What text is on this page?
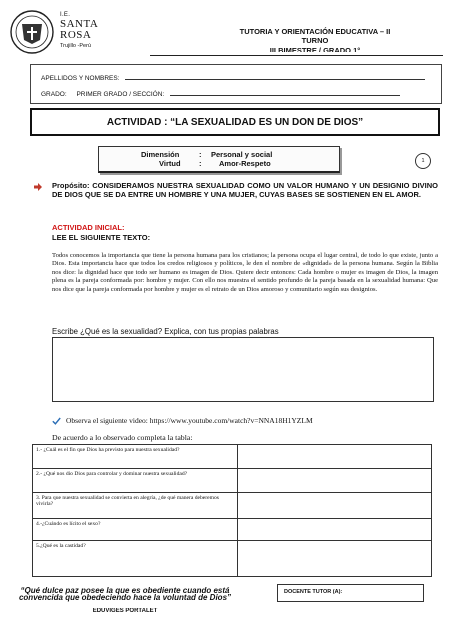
I.E.
SANTA
ROSA
Trujillo -Perú
TUTORIA Y ORIENTACIÓN EDUCATIVA – II
TURNO
III BIMESTRE / GRADO 1°
APELLIDOS Y NOMBRES:
GRADO: PRIMER GRADO / SECCIÓN:
ACTIVIDAD : “LA SEXUALIDAD ES UN DON DE DIOS”
Dimensión	: Personal y social
Virtud : Amor-Respeto	1
Propósito: CONSIDERAMOS NUESTRA SEXUALIDAD COMO UN VALOR HUMANO Y UN DESIGNIO DIVINO DE DIOS QUE SE DA ENTRE UN HOMBRE Y UNA MUJER, CUYAS BASES SE SOSTIENEN EN EL AMOR.
ACTIVIDAD INICIAL:
LEE EL SIGUIENTE TEXTO:
Todos conocemos la importancia que tiene la persona humana para los cristianos; la persona ocupa el lugar central, de todo lo que existe, junto a Dios. Esta importancia hace que todos los credos religiosos y políticos, le den el nombre de «dignidad» de la persona humana. Según la Biblia nos dice: la dignidad hace que todo ser humano es imagen de Dios. Quiere decir entonces: Cada hombre o mujer es imagen de Dios, la imagen plena es la pareja conformada por: hombre y mujer. Con ello nos muestra el sentido profundo de la pareja basada en la sexualidad humana: Que nos dice que la pareja conformada por hombre y mujer es el retrato de un Dios amoroso y comunitario según sus designios.
Escribe ¿Qué es la sexualidad? Explica, con tus propias palabras
Observa el siguiente video: https://www.youtube.com/watch?v=NNA18H1YZLM
De acuerdo a lo observado completa la tabla:
1.- ¿Cuál es el fin que Dios ha previsto para nuestra sexualidad?	
2.- ¿Qué nos dio Dios para controlar y dominar nuestra sexualidad?	
3. Para que nuestra sexualidad se convierta en alegría, ¿de qué manera deberemos vivirla?	
4.-¿Cuándo es lícito el sexo?	
5.¿Qué es la castidad?	
“Qué dulce paz posee la que es obediente cuando está convencida que obedeciendo hace la voluntad de Dios”
EDUVIGES PORTALET
DOCENTE TUTOR (A):
